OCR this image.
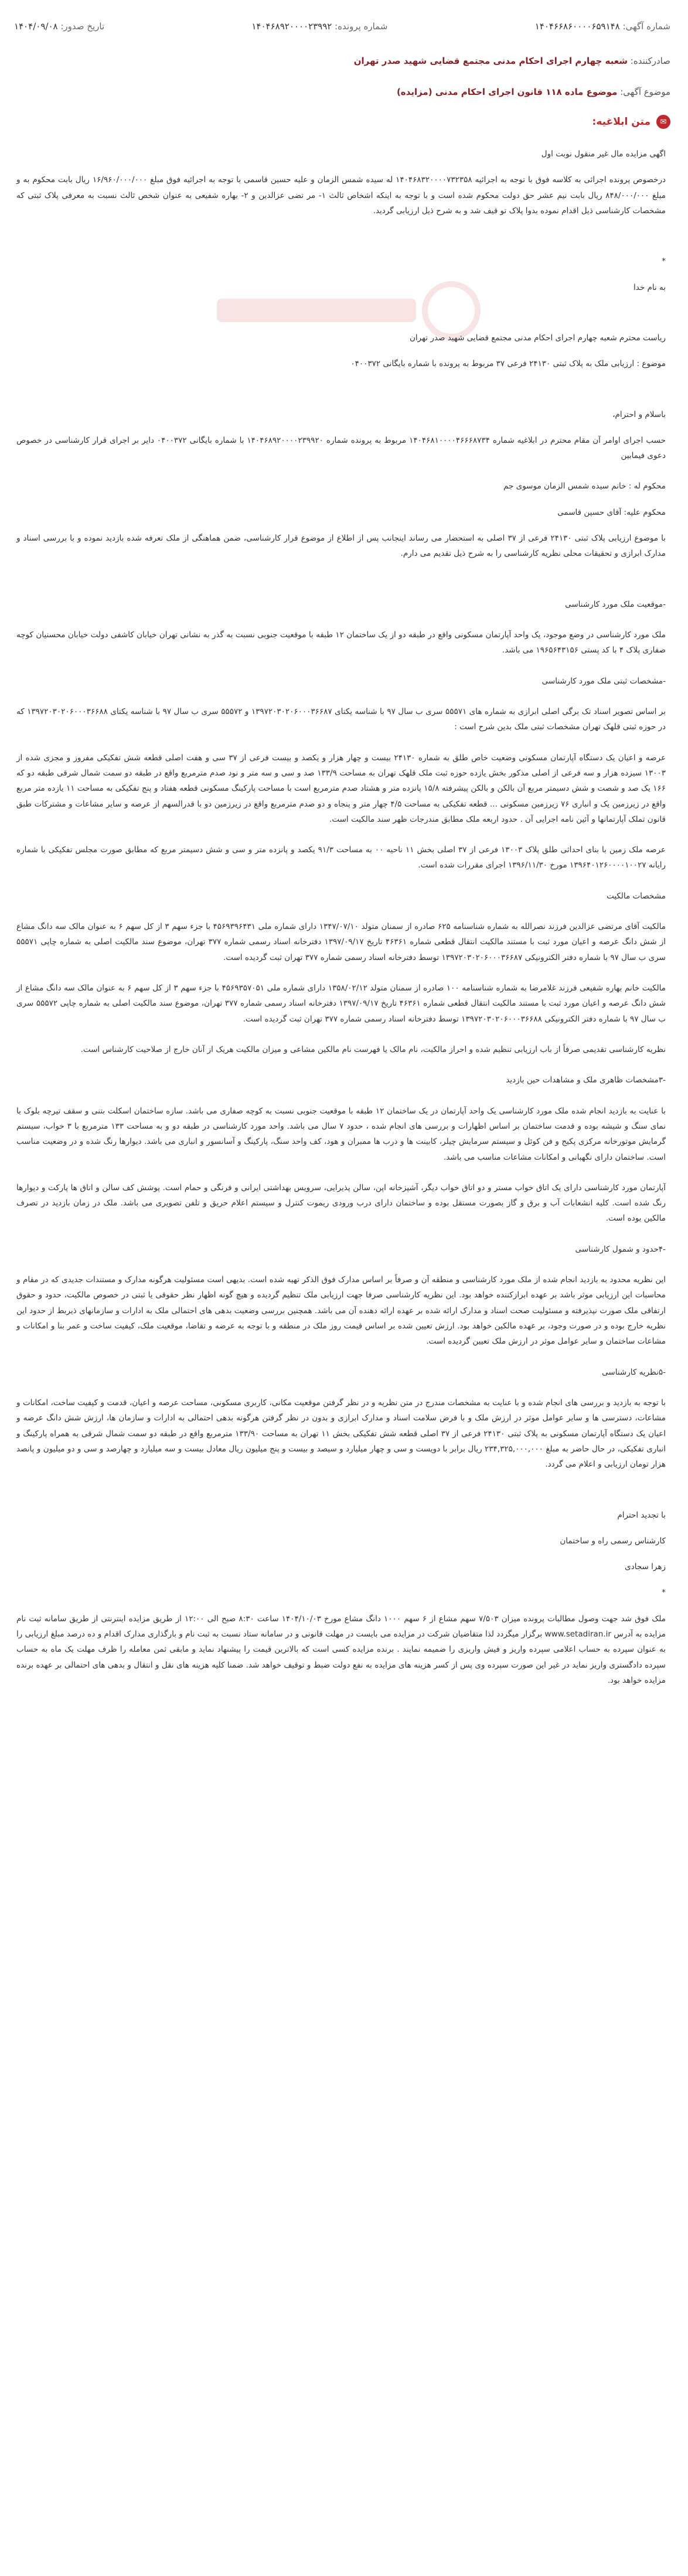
شماره آگهی: ۱۴۰۴۶۶۸۶۰۰۰۰۶۵۹۱۴۸
شماره پرونده: ۱۴۰۴۶۸۹۲۰۰۰۰۲۳۹۹۲
تاریخ صدور: ۱۴۰۴/۰۹/۰۸
صادرکننده: شعبه چهارم اجرای احکام مدنی مجتمع قضایی شهید صدر تهران
موضوع آگهی: موضوع ماده ۱۱۸ قانون اجرای احکام مدنی (مزایده)
✉
متن ابلاغیه:

اگهی مزایده مال غیر منقول نوبت اول

درخصوص پرونده اجرائی به کلاسه فوق با توجه به اجرائیه ۱۴۰۴۶۸۳۲۰۰۰۰۷۳۲۳۵۸ له سیده شمس الزمان و علیه حسین قاسمی با توجه به اجرائیه فوق مبلغ ۱۶/۹۶۰/۰۰۰/۰۰۰ ریال بابت محکوم به و مبلغ ۸۴۸/۰۰۰/۰۰۰ ریال بابت نیم عشر حق دولت محکوم شده است و با توجه به اینکه اشخاص ثالث ۱- مر تضی عزالدین و ۲- بهاره شفیعی به عنوان شخص ثالث نسبت به معرفی پلاک ثبتی که مشخصات کارشناسی ذیل اقدام نموده بدوا پلاک تو قیف شد و به شرح ذیل ارزیابی گردید.

*

به نام خدا

ریاست محترم شعبه چهارم اجرای احکام مدنی مجتمع قضایی شهید صدر تهران

موضوع : ارزیابی ملک به پلاک ثبتی ۲۴۱۳۰ فرعی ۳۷ مربوط به پرونده با شماره بایگانی ۰۴۰۰۳۷۲

باسلام و احترام،

حسب اجرای اوامر آن مقام محترم در ابلاغیه شماره ۱۴۰۴۶۸۱۰۰۰۰۴۶۶۶۸۷۳۴ مربوط به پرونده شماره ۱۴۰۴۶۸۹۲۰۰۰۰۲۳۹۹۲۰ با شماره بایگانی ۰۴۰۰۳۷۲ دایر بر اجرای قرار کارشناسی در خصوص دعوی فیمابین

محکوم له : خانم سیده شمس الزمان موسوی جم

محکوم علیه: آقای حسین قاسمی

با موضوع ارزیابی پلاک ثبتی ۲۴۱۳۰ فرعی از ۳۷ اصلی به استحضار می رساند اینجانب پس از اطلاع از موضوع قرار کارشناسی، ضمن هماهنگی از ملک تعرفه شده بازدید نموده و با بررسی اسناد و مدارک ابرازی و تحقیقات محلی نظریه کارشناسی را به شرح ذیل تقدیم می دارم.

-موقعیت ملک مورد کارشناسی

ملک مورد کارشناسی در وضع موجود، یک واحد آپارتمان مسکونی واقع در طبقه دو از یک ساختمان ۱۲ طبقه با موقعیت جنوبی نسبت به گذر به نشانی تهران خیابان کاشفی دولت خیابان محسنیان کوچه صفاری پلاک ۴ با کد پستی ۱۹۶۵۶۴۳۱۵۶ می باشد.

-مشخصات ثبتی ملک مورد کارشناسی

بر اساس تصویر اسناد تک برگی اصلی ابرازی به شماره های ۵۵۵۷۱ سری ب سال ۹۷ با شناسه یکتای ۱۳۹۷۲۰۳۰۲۰۶۰۰۰۳۶۶۸۷ و ۵۵۵۷۲ سری ب سال ۹۷ با شناسه یکتای ۱۳۹۷۲۰۳۰۲۰۶۰۰۰۳۶۶۸۸ که در حوزه ثبتی قلهک تهران مشخصات ثبتی ملک بدین شرح است :

عرصه و اعیان یک دستگاه آپارتمان مسکونی وضعیت خاص طلق به شماره ۲۴۱۳۰ بیست و چهار هزار و یکصد و بیست فرعی از ۳۷ سی و هفت اصلی قطعه شش تفکیکی مفروز و مجزی شده از ۱۳۰۰۳ سیزده هزار و سه فرعی از اصلی مذکور بخش یازده حوزه ثبت ملک قلهک تهران به مساحت ۱۳۳/۹ صد و سی و سه متر و نود صدم مترمربع واقع در طبقه دو سمت شمال شرقی طبقه دو که ۱۶۶ یک صد و شصت و شش دسیمتر مربع آن بالکن و بالکن پیشرفته ۱۵/۸ پانزده متر و هشتاد صدم مترمربع است با مساحت پارکینگ مسکونی قطعه هفتاد و پنج تفکیکی به مساحت ۱۱ یازده متر مربع واقع در زیرزمین یک و انباری ۷۶ زیرزمین مسکونی ... قطعه تفکیکی به مساحت ۴/۵ چهار متر و پنجاه و دو صدم مترمربع واقع در زیرزمین دو با قدرالسهم از عرصه و سایر مشاعات و مشترکات طبق قانون تملک آپارتمانها و آئین نامه اجرایی آن . حدود اربعه ملک مطابق مندرجات ظهر سند مالکیت است.

عرصه ملک زمین با بنای احداثی طلق پلاک ۱۳۰۰۳ فرعی از ۳۷ اصلی بخش ۱۱ ناحیه ۰۰ به مساحت ۹۱/۳ یکصد و پانزده متر و سی و شش دسیمتر مربع که مطابق صورت مجلس تفکیکی با شماره رایانه ۱۳۹۶۴۰۱۲۶۰۰۰۰۱۰۰۲۷ مورخ ۱۳۹۶/۱۱/۳۰ اجرای مقررات شده است.

مشخصات مالکیت

مالکیت آقای مرتضی عزالدین فرزند نصرالله به شماره شناسنامه ۶۲۵ صادره از سمنان متولد ۱۳۴۷/۰۷/۱۰ دارای شماره ملی ۴۵۶۹۳۹۶۴۳۱ با جزء سهم ۳ از کل سهم ۶ به عنوان مالک سه دانگ مشاع از شش دانگ عرصه و اعیان مورد ثبت با مستند مالکیت انتقال قطعی شماره ۴۶۳۶۱ تاریخ ۱۳۹۷/۰۹/۱۷ دفترخانه اسناد رسمی شماره ۳۷۷ تهران، موضوع سند مالکیت اصلی به شماره چاپی ۵۵۵۷۱ سری ب سال ۹۷ با شماره دفتر الکترونیکی ۱۳۹۷۲۰۳۰۲۰۶۰۰۰۳۶۶۸۷ توسط دفترخانه اسناد رسمی شماره ۳۷۷ تهران ثبت گردیده است.

مالکیت خانم بهاره شفیعی فرزند غلامرضا به شماره شناسنامه ۱۰۰ صادره از سمنان متولد ۱۳۵۸/۰۲/۱۲ دارای شماره ملی ۴۵۶۹۳۵۷۰۵۱ با جزء سهم ۳ از کل سهم ۶ به عنوان مالک سه دانگ مشاع از شش دانگ عرصه و اعیان مورد ثبت با مستند مالکیت انتقال قطعی شماره ۴۶۳۶۱ تاریخ ۱۳۹۷/۰۹/۱۷ دفترخانه اسناد رسمی شماره ۳۷۷ تهران، موضوع سند مالکیت اصلی به شماره چاپی ۵۵۵۷۲ سری ب سال ۹۷ با شماره دفتر الکترونیکی ۱۳۹۷۲۰۳۰۲۰۶۰۰۰۳۶۶۸۸ توسط دفترخانه اسناد رسمی شماره ۳۷۷ تهران ثبت گردیده است.

نظریه کارشناسی تقدیمی صرفاً از باب ارزیابی تنظیم شده و احراز مالکیت، نام مالک یا فهرست نام مالکین مشاعی و میزان مالکیت هریک از آنان خارج از صلاحیت کارشناس است.

-۳مشخصات ظاهری ملک و مشاهدات حین بازدید

با عنایت به بازدید انجام شده ملک مورد کارشناسی یک واحد آپارتمان در یک ساختمان ۱۲ طبقه با موقعیت جنوبی نسبت به کوچه صفاری می باشد. سازه ساختمان اسکلت بتنی و سقف تیرچه بلوک با نمای سنگ و شیشه بوده و قدمت ساختمان بر اساس اظهارات و بررسی های انجام شده ، حدود ۷ سال می باشد. واحد مورد کارشناسی در طبقه دو و به مساحت ۱۳۳ مترمربع با ۳ خواب، سیستم گرمایش موتورخانه مرکزی پکیج و فن کوئل و سیستم سرمایش چیلر، کابینت ها و درب ها ممبران و هود، کف واحد سنگ، پارکینگ و آسانسور و انباری می باشد. دیوارها رنگ شده و در وضعیت مناسب است. ساختمان دارای نگهبانی و امکانات مشاعات مناسب می باشد.

آپارتمان مورد کارشناسی دارای یک اتاق خواب مستر و دو اتاق خواب دیگر، آشپزخانه اپن، سالن پذیرایی، سرویس بهداشتی ایرانی و فرنگی و حمام است. پوشش کف سالن و اتاق ها پارکت و دیوارها رنگ شده است. کلیه انشعابات آب و برق و گاز بصورت مستقل بوده و ساختمان دارای درب ورودی ریموت کنترل و سیستم اعلام حریق و تلفن تصویری می باشد. ملک در زمان بازدید در تصرف مالکین بوده است.

-۴حدود و شمول کارشناسی

این نظریه محدود به بازدید انجام شده از ملک مورد کارشناسی و منطقه آن و صرفاً بر اساس مدارک فوق الذکر تهیه شده است. بدیهی است مسئولیت هرگونه مدارک و مستندات جدیدی که در مقام و محاسبات این ارزیابی موثر باشد بر عهده ابرازکننده خواهد بود. این نظریه کارشناسی صرفا جهت ارزیابی ملک تنظیم گردیده و هیچ گونه اظهار نظر حقوقی یا ثبتی در خصوص مالکیت، حدود و حقوق ارتفاقی ملک صورت نپذیرفته و مسئولیت صحت اسناد و مدارک ارائه شده بر عهده ارائه دهنده آن می باشد. همچنین بررسی وضعیت بدهی های احتمالی ملک به ادارات و سازمانهای ذیربط از حدود این نظریه خارج بوده و در صورت وجود، بر عهده مالکین خواهد بود. ارزش تعیین شده بر اساس قیمت روز ملک در منطقه و با توجه به عرضه و تقاضا، موقعیت ملک، کیفیت ساخت و عمر بنا و امکانات و مشاعات ساختمان و سایر عوامل موثر در ارزش ملک تعیین گردیده است.

-۵نظریه کارشناسی

با توجه به بازدید و بررسی های انجام شده و با عنایت به مشخصات مندرج در متن نظریه و در نظر گرفتن موقعیت مکانی، کاربری مسکونی، مساحت عرصه و اعیان، قدمت و کیفیت ساخت، امکانات و مشاعات، دسترسی ها و سایر عوامل موثر در ارزش ملک و با فرض سلامت اسناد و مدارک ابرازی و بدون در نظر گرفتن هرگونه بدهی احتمالی به ادارات و سازمان ها، ارزش شش دانگ عرصه و اعیان یک دستگاه آپارتمان مسکونی به پلاک ثبتی ۲۴۱۳۰ فرعی از ۳۷ اصلی قطعه شش تفکیکی بخش ۱۱ تهران به مساحت ۱۳۳/۹۰ مترمربع واقع در طبقه دو سمت شمال شرقی به همراه پارکینگ و انباری تفکیکی، در حال حاضر به مبلغ ۲۳۴,۳۲۵,۰۰۰,۰۰۰ ریال برابر با دویست و سی و چهار میلیارد و سیصد و بیست و پنج میلیون ریال معادل بیست و سه میلیارد و چهارصد و سی و دو میلیون و پانصد هزار تومان ارزیابی و اعلام می گردد.

با تجدید احترام

کارشناس رسمی راه و ساختمان

زهرا سجادی

*

ملک فوق شد جهت وصول مطالبات پرونده میزان ۷/۵۰۳ سهم مشاع از ۶ سهم ۱۰۰۰ دانگ مشاع مورخ ۱۴۰۴/۱۰/۰۳ ساعت ۸:۳۰ صبح الی ۱۲:۰۰ از طریق مزایده اینترنتی از طریق سامانه ثبت نام مزایده به آدرس www.setadiran.ir برگزار میگردد لذا متقاضیان شرکت در مزایده می بایست در مهلت قانونی و در سامانه ستاد نسبت به ثبت نام و بارگذاری مدارک اقدام و ده درصد مبلغ ارزیابی را به عنوان سپرده به حساب اعلامی سپرده واریز و فیش واریزی را ضمیمه نمایند . برنده مزایده کسی است که بالاترین قیمت را پیشنهاد نماید و مابقی ثمن معامله را ظرف مهلت یک ماه به حساب سپرده دادگستری واریز نماید در غیر این صورت سپرده وی پس از کسر هزینه های مزایده به نفع دولت ضبط و توقیف خواهد شد. ضمنا کلیه هزینه های نقل و انتقال و بدهی های احتمالی بر عهده برنده مزایده خواهد بود.
